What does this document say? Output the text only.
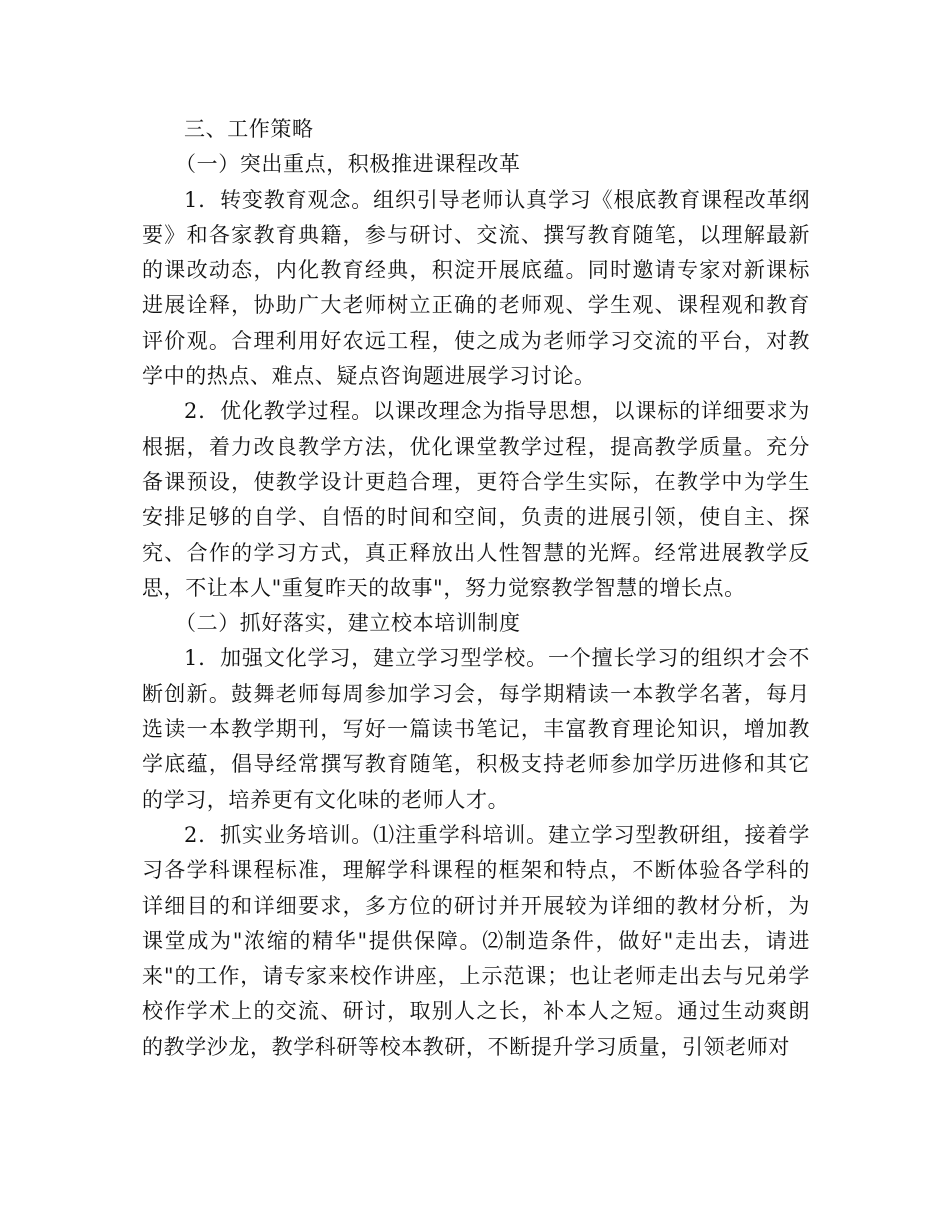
三、工作策略

（一）突出重点，积极推进课程改革

1．转变教育观念。组织引导老师认真学习《根底教育课程改革纲要》和各家教育典籍，参与研讨、交流、撰写教育随笔，以理解最新的课改动态，内化教育经典，积淀开展底蕴。同时邀请专家对新课标进展诠释，协助广大老师树立正确的老师观、学生观、课程观和教育评价观。合理利用好农远工程，使之成为老师学习交流的平台，对教学中的热点、难点、疑点咨询题进展学习讨论。

2．优化教学过程。以课改理念为指导思想，以课标的详细要求为根据，着力改良教学方法，优化课堂教学过程，提高教学质量。充分备课预设，使教学设计更趋合理，更符合学生实际，在教学中为学生安排足够的自学、自悟的时间和空间，负责的进展引领，使自主、探究、合作的学习方式，真正释放出人性智慧的光辉。经常进展教学反思，不让本人"重复昨天的故事"，努力觉察教学智慧的增长点。

（二）抓好落实，建立校本培训制度

1．加强文化学习，建立学习型学校。一个擅长学习的组织才会不断创新。鼓舞老师每周参加学习会，每学期精读一本教学名著，每月选读一本教学期刊，写好一篇读书笔记，丰富教育理论知识，增加教学底蕴，倡导经常撰写教育随笔，积极支持老师参加学历进修和其它的学习，培养更有文化味的老师人才。

2．抓实业务培训。⑴注重学科培训。建立学习型教研组，接着学习各学科课程标准，理解学科课程的框架和特点，不断体验各学科的详细目的和详细要求，多方位的研讨并开展较为详细的教材分析，为课堂成为"浓缩的精华"提供保障。⑵制造条件，做好"走出去，请进来"的工作，请专家来校作讲座，上示范课；也让老师走出去与兄弟学校作学术上的交流、研讨，取别人之长，补本人之短。通过生动爽朗的教学沙龙，教学科研等校本教研，不断提升学习质量，引领老师对
